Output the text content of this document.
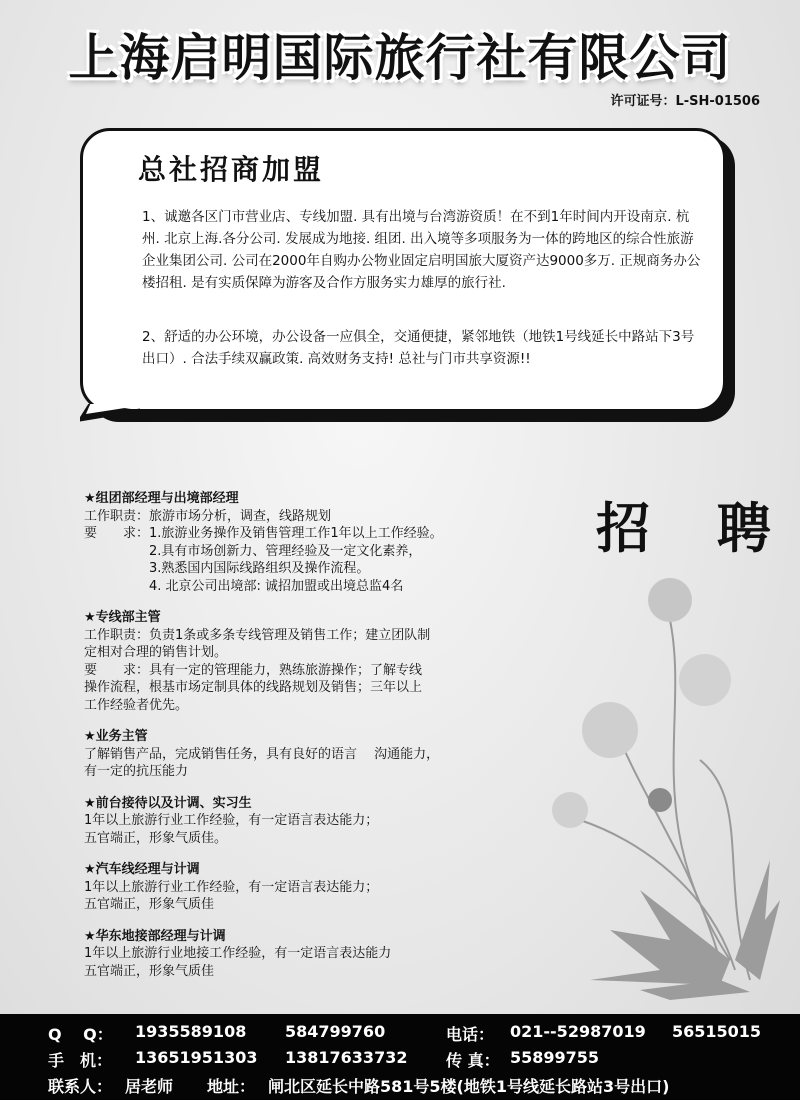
上海启明国际旅行社有限公司
许可证号：L-SH-01506
总社招商加盟
1、诚邀各区门市营业店、专线加盟. 具有出境与台湾游资质！在不到1年时间内开设南京. 杭州. 北京上海.各分公司. 发展成为地接. 组团. 出入境等多项服务为一体的跨地区的综合性旅游企业集团公司. 公司在2000年自购办公物业固定启明国旅大厦资产达9000多万. 正规商务办公楼招租. 是有实质保障为游客及合作方服务实力雄厚的旅行社.
2、舒适的办公环境，办公设备一应俱全，交通便捷，紧邻地铁（地铁1号线延长中路站下3号出口）. 合法手续双赢政策. 高效财务支持! 总社与门市共享资源!!
招 聘
★组团部经理与出境部经理
工作职责：旅游市场分析，调查，线路规划
要　　求：1.旅游业务操作及销售管理工作1年以上工作经验。
　　　　　2.具有市场创新力、管理经验及一定文化素养，
　　　　　3.熟悉国内国际线路组织及操作流程。
　　　　　4. 北京公司出境部: 诚招加盟或出境总监4名
★专线部主管
工作职责：负责1条或多条专线管理及销售工作；建立团队制
定相对合理的销售计划。
要　　求：具有一定的管理能力，熟练旅游操作；了解专线
操作流程，根基市场定制具体的线路规划及销售；三年以上
工作经验者优先。
★业务主管
了解销售产品，完成销售任务，具有良好的语言　 沟通能力，
有一定的抗压能力
★前台接待以及计调、实习生
1年以上旅游行业工作经验，有一定语言表达能力；
五官端正，形象气质佳。
★汽车线经理与计调
1年以上旅游行业工作经验，有一定语言表达能力；
五官端正，形象气质佳
★华东地接部经理与计调
1年以上旅游行业地接工作经验，有一定语言表达能力
五官端正，形象气质佳

Q　 Q：

1935589108

584799760

	电话：

021--52987019

56515015

手　机：

13651951303

13817633732

传 真：

55899755

联系人：

居老师

地址：

闸北区延长中路581号5楼(地铁1号线延长路站3号出口)
